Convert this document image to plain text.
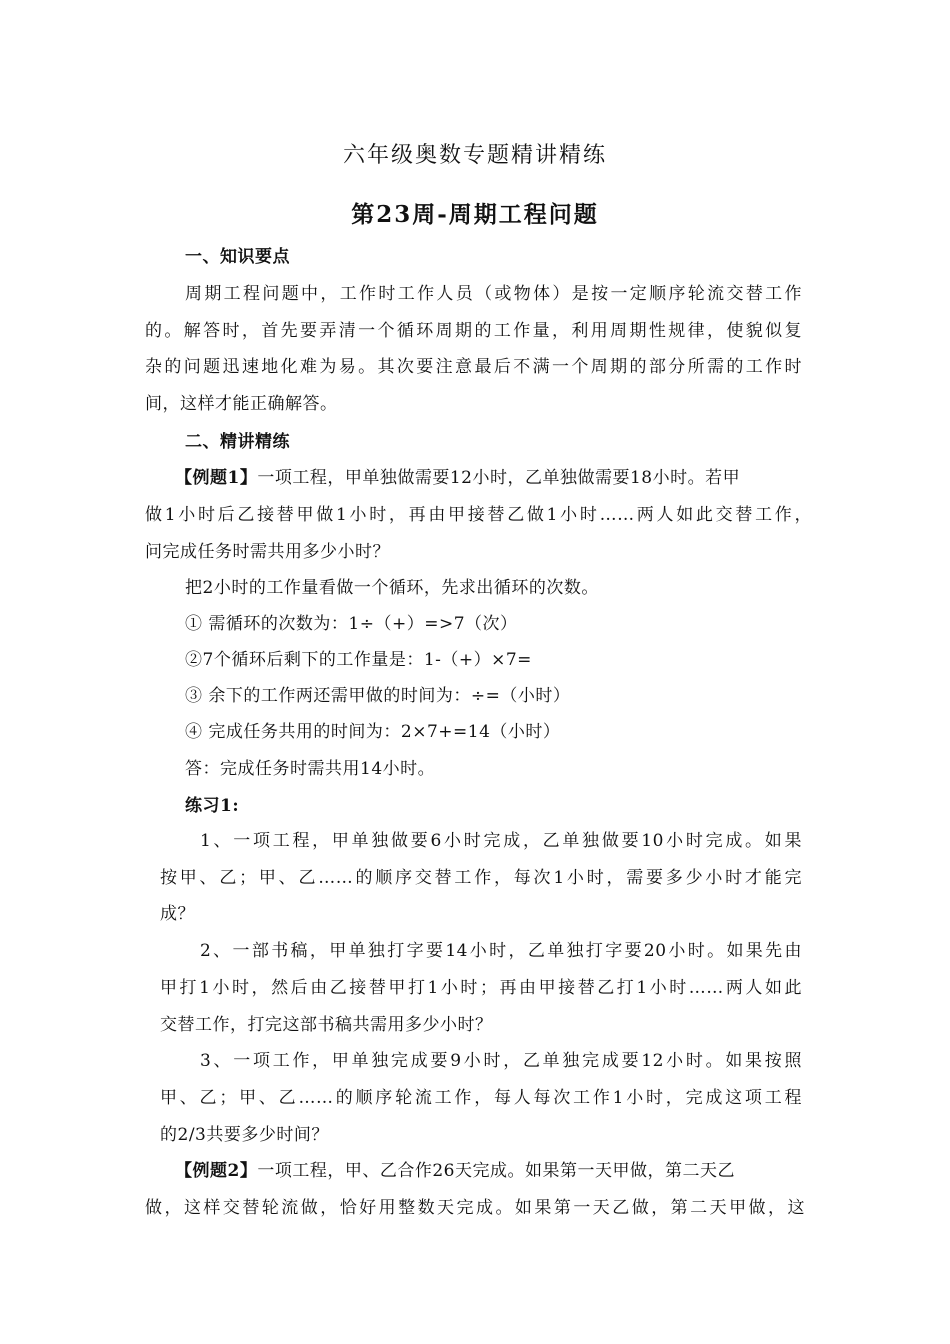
六年级奥数专题精讲精练
第23周-周期工程问题
一、知识要点
周期工程问题中，工作时工作人员（或物体）是按一定顺序轮流交替工作
的。解答时，首先要弄清一个循环周期的工作量，利用周期性规律，使貌似复
杂的问题迅速地化难为易。其次要注意最后不满一个周期的部分所需的工作时
间，这样才能正确解答。
二、精讲精练
【例题1】一项工程，甲单独做需要12小时，乙单独做需要18小时。若甲
做1小时后乙接替甲做1小时，再由甲接替乙做1小时……两人如此交替工作，
问完成任务时需共用多少小时？
把2小时的工作量看做一个循环，先求出循环的次数。
① 需循环的次数为：1÷（+）=>7（次）
②7个循环后剩下的工作量是：1-（+）×7=
③ 余下的工作两还需甲做的时间为：÷=（小时）
④ 完成任务共用的时间为：2×7+=14（小时）
答：完成任务时需共用14小时。
练习1:
1、一项工程，甲单独做要6小时完成，乙单独做要10小时完成。如果
按甲、乙；甲、乙……的顺序交替工作，每次1小时，需要多少小时才能完
成？
2、一部书稿，甲单独打字要14小时，乙单独打字要20小时。如果先由
甲打1小时，然后由乙接替甲打1小时；再由甲接替乙打1小时……两人如此
交替工作，打完这部书稿共需用多少小时？
3、一项工作，甲单独完成要9小时，乙单独完成要12小时。如果按照
甲、乙；甲、乙……的顺序轮流工作，每人每次工作1小时，完成这项工程
的2/3共要多少时间？
【例题2】一项工程，甲、乙合作26天完成。如果第一天甲做，第二天乙
做，这样交替轮流做，恰好用整数天完成。如果第一天乙做，第二天甲做，这
